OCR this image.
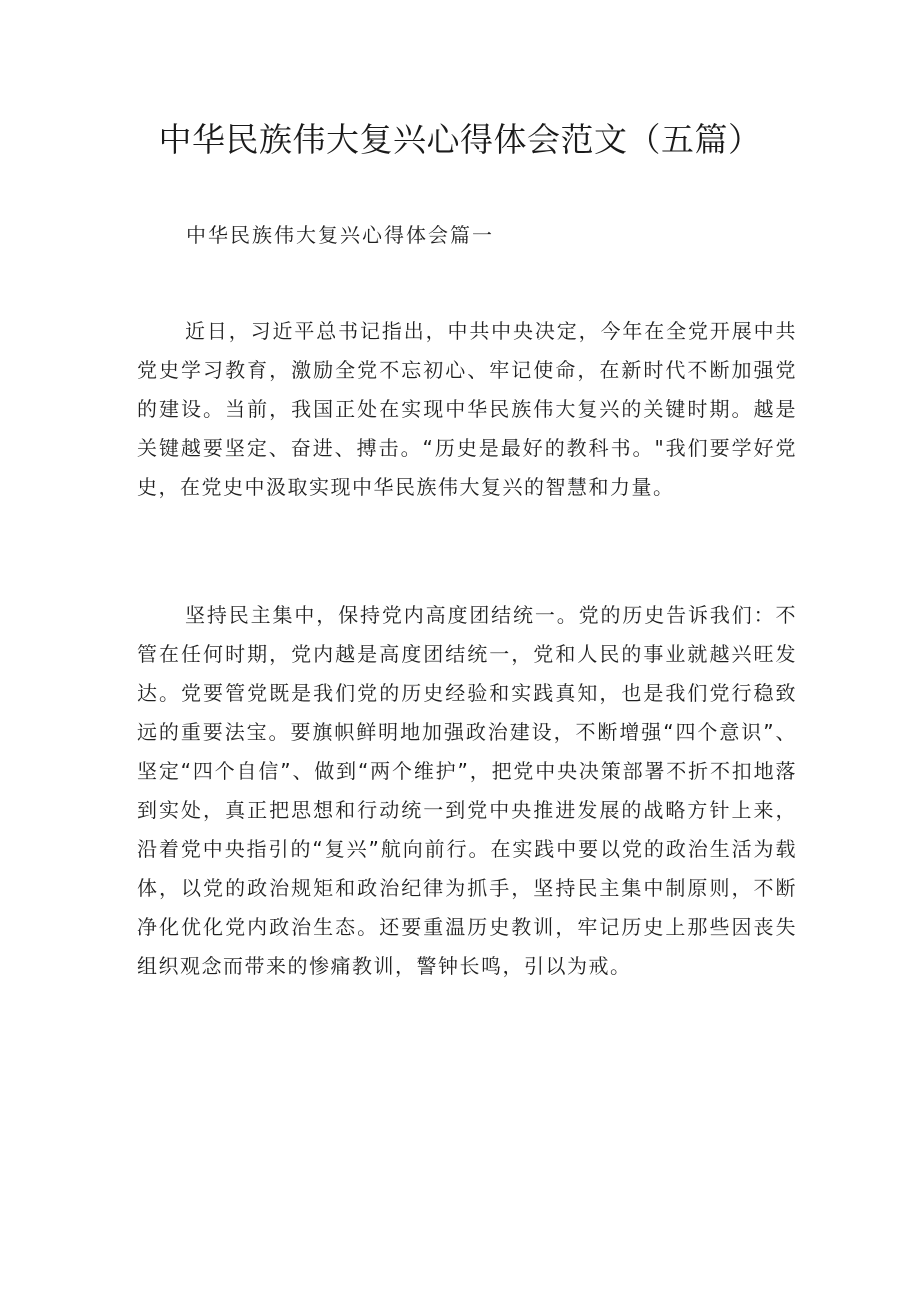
中华民族伟大复兴心得体会范文（五篇）
中华民族伟大复兴心得体会篇一

近日，习近平总书记指出，中共中央决定，今年在全党开展中共党史学习教育，激励全党不忘初心、牢记使命，在新时代不断加强党的建设。当前，我国正处在实现中华民族伟大复兴的关键时期。越是关键越要坚定、奋进、搏击。“历史是最好的教科书。"我们要学好党史，在党史中汲取实现中华民族伟大复兴的智慧和力量。

坚持民主集中，保持党内高度团结统一。党的历史告诉我们：不管在任何时期，党内越是高度团结统一，党和人民的事业就越兴旺发达。党要管党既是我们党的历史经验和实践真知，也是我们党行稳致远的重要法宝。要旗帜鲜明地加强政治建设，不断增强“四个意识”、坚定“四个自信”、做到“两个维护”，把党中央决策部署不折不扣地落到实处，真正把思想和行动统一到党中央推进发展的战略方针上来，沿着党中央指引的“复兴”航向前行。在实践中要以党的政治生活为载体，以党的政治规矩和政治纪律为抓手，坚持民主集中制原则，不断净化优化党内政治生态。还要重温历史教训，牢记历史上那些因丧失组织观念而带来的惨痛教训，警钟长鸣，引以为戒。
